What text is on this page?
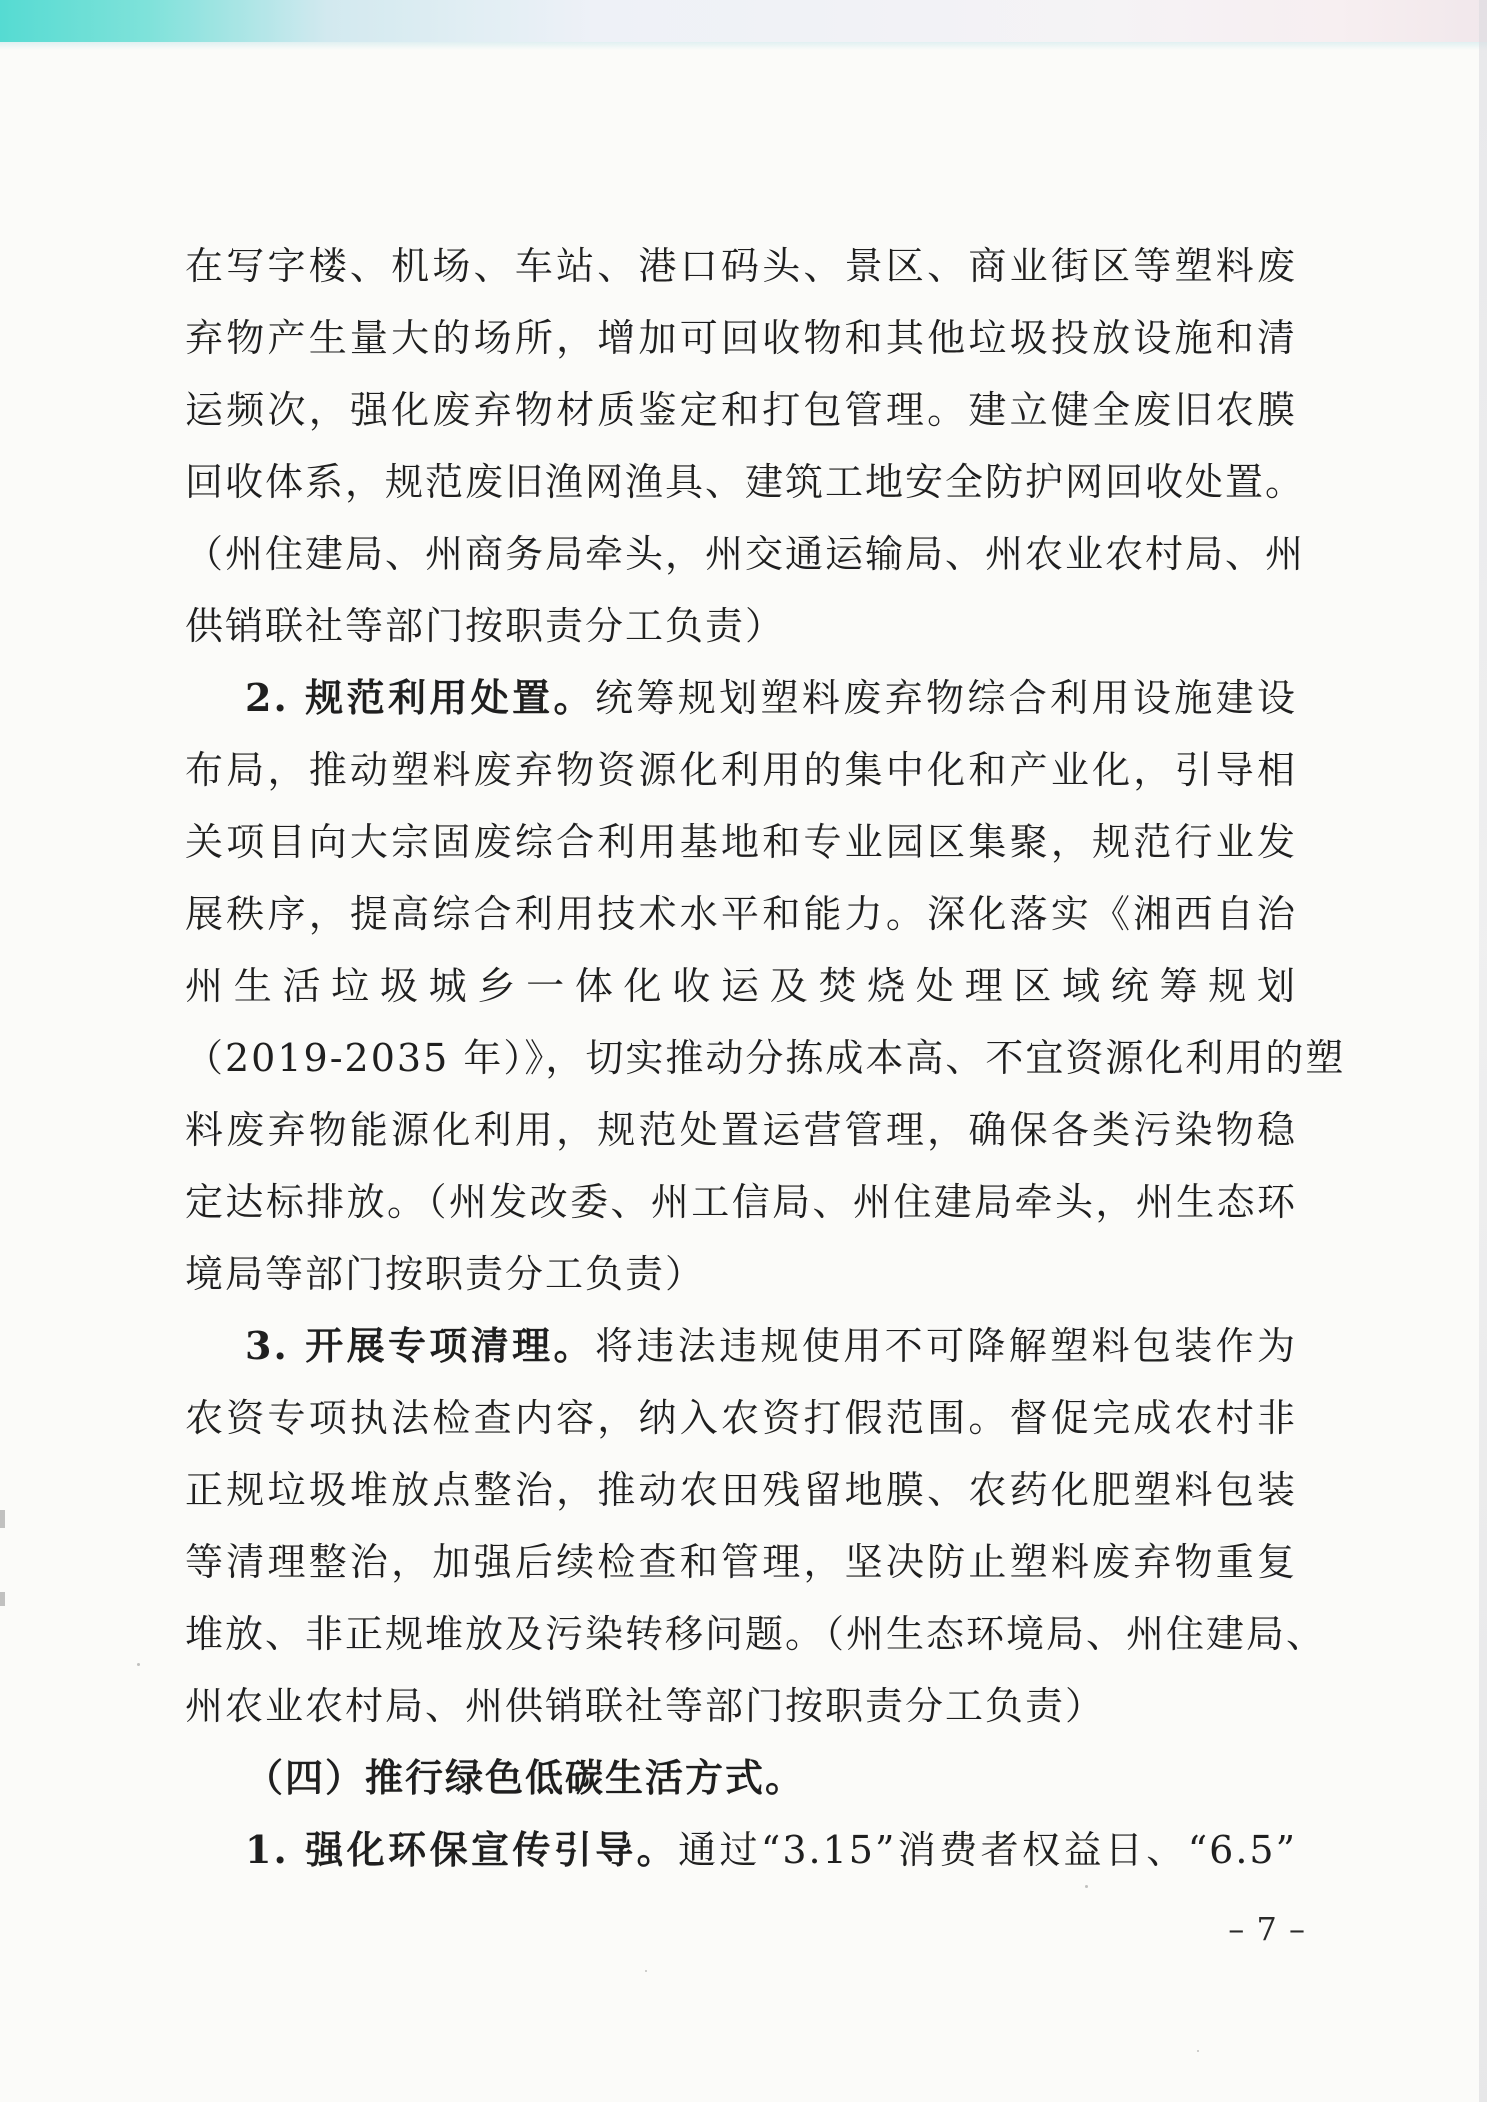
在写字楼、机场、车站、港口码头、景区、商业街区等塑料废
弃物产生量大的场所，增加可回收物和其他垃圾投放设施和清
运频次，强化废弃物材质鉴定和打包管理。建立健全废旧农膜
回收体系，规范废旧渔网渔具、建筑工地安全防护网回收处置。
（州住建局、州商务局牵头，州交通运输局、州农业农村局、州
供销联社等部门按职责分工负责）
2. 规范利用处置。统筹规划塑料废弃物综合利用设施建设
布局，推动塑料废弃物资源化利用的集中化和产业化，引导相
关项目向大宗固废综合利用基地和专业园区集聚，规范行业发
展秩序，提高综合利用技术水平和能力。深化落实《湘西自治
州生活垃圾城乡一体化收运及焚烧处理区域统筹规划
（2019-2035 年）》，切实推动分拣成本高、不宜资源化利用的塑
料废弃物能源化利用，规范处置运营管理，确保各类污染物稳
定达标排放。（州发改委、州工信局、州住建局牵头，州生态环
境局等部门按职责分工负责）
3. 开展专项清理。将违法违规使用不可降解塑料包装作为
农资专项执法检查内容，纳入农资打假范围。督促完成农村非
正规垃圾堆放点整治，推动农田残留地膜、农药化肥塑料包装
等清理整治，加强后续检查和管理，坚决防止塑料废弃物重复
堆放、非正规堆放及污染转移问题。（州生态环境局、州住建局、
州农业农村局、州供销联社等部门按职责分工负责）
（四）推行绿色低碳生活方式。
1. 强化环保宣传引导。通过“3.15”消费者权益日、“6.5”
– 7 –
